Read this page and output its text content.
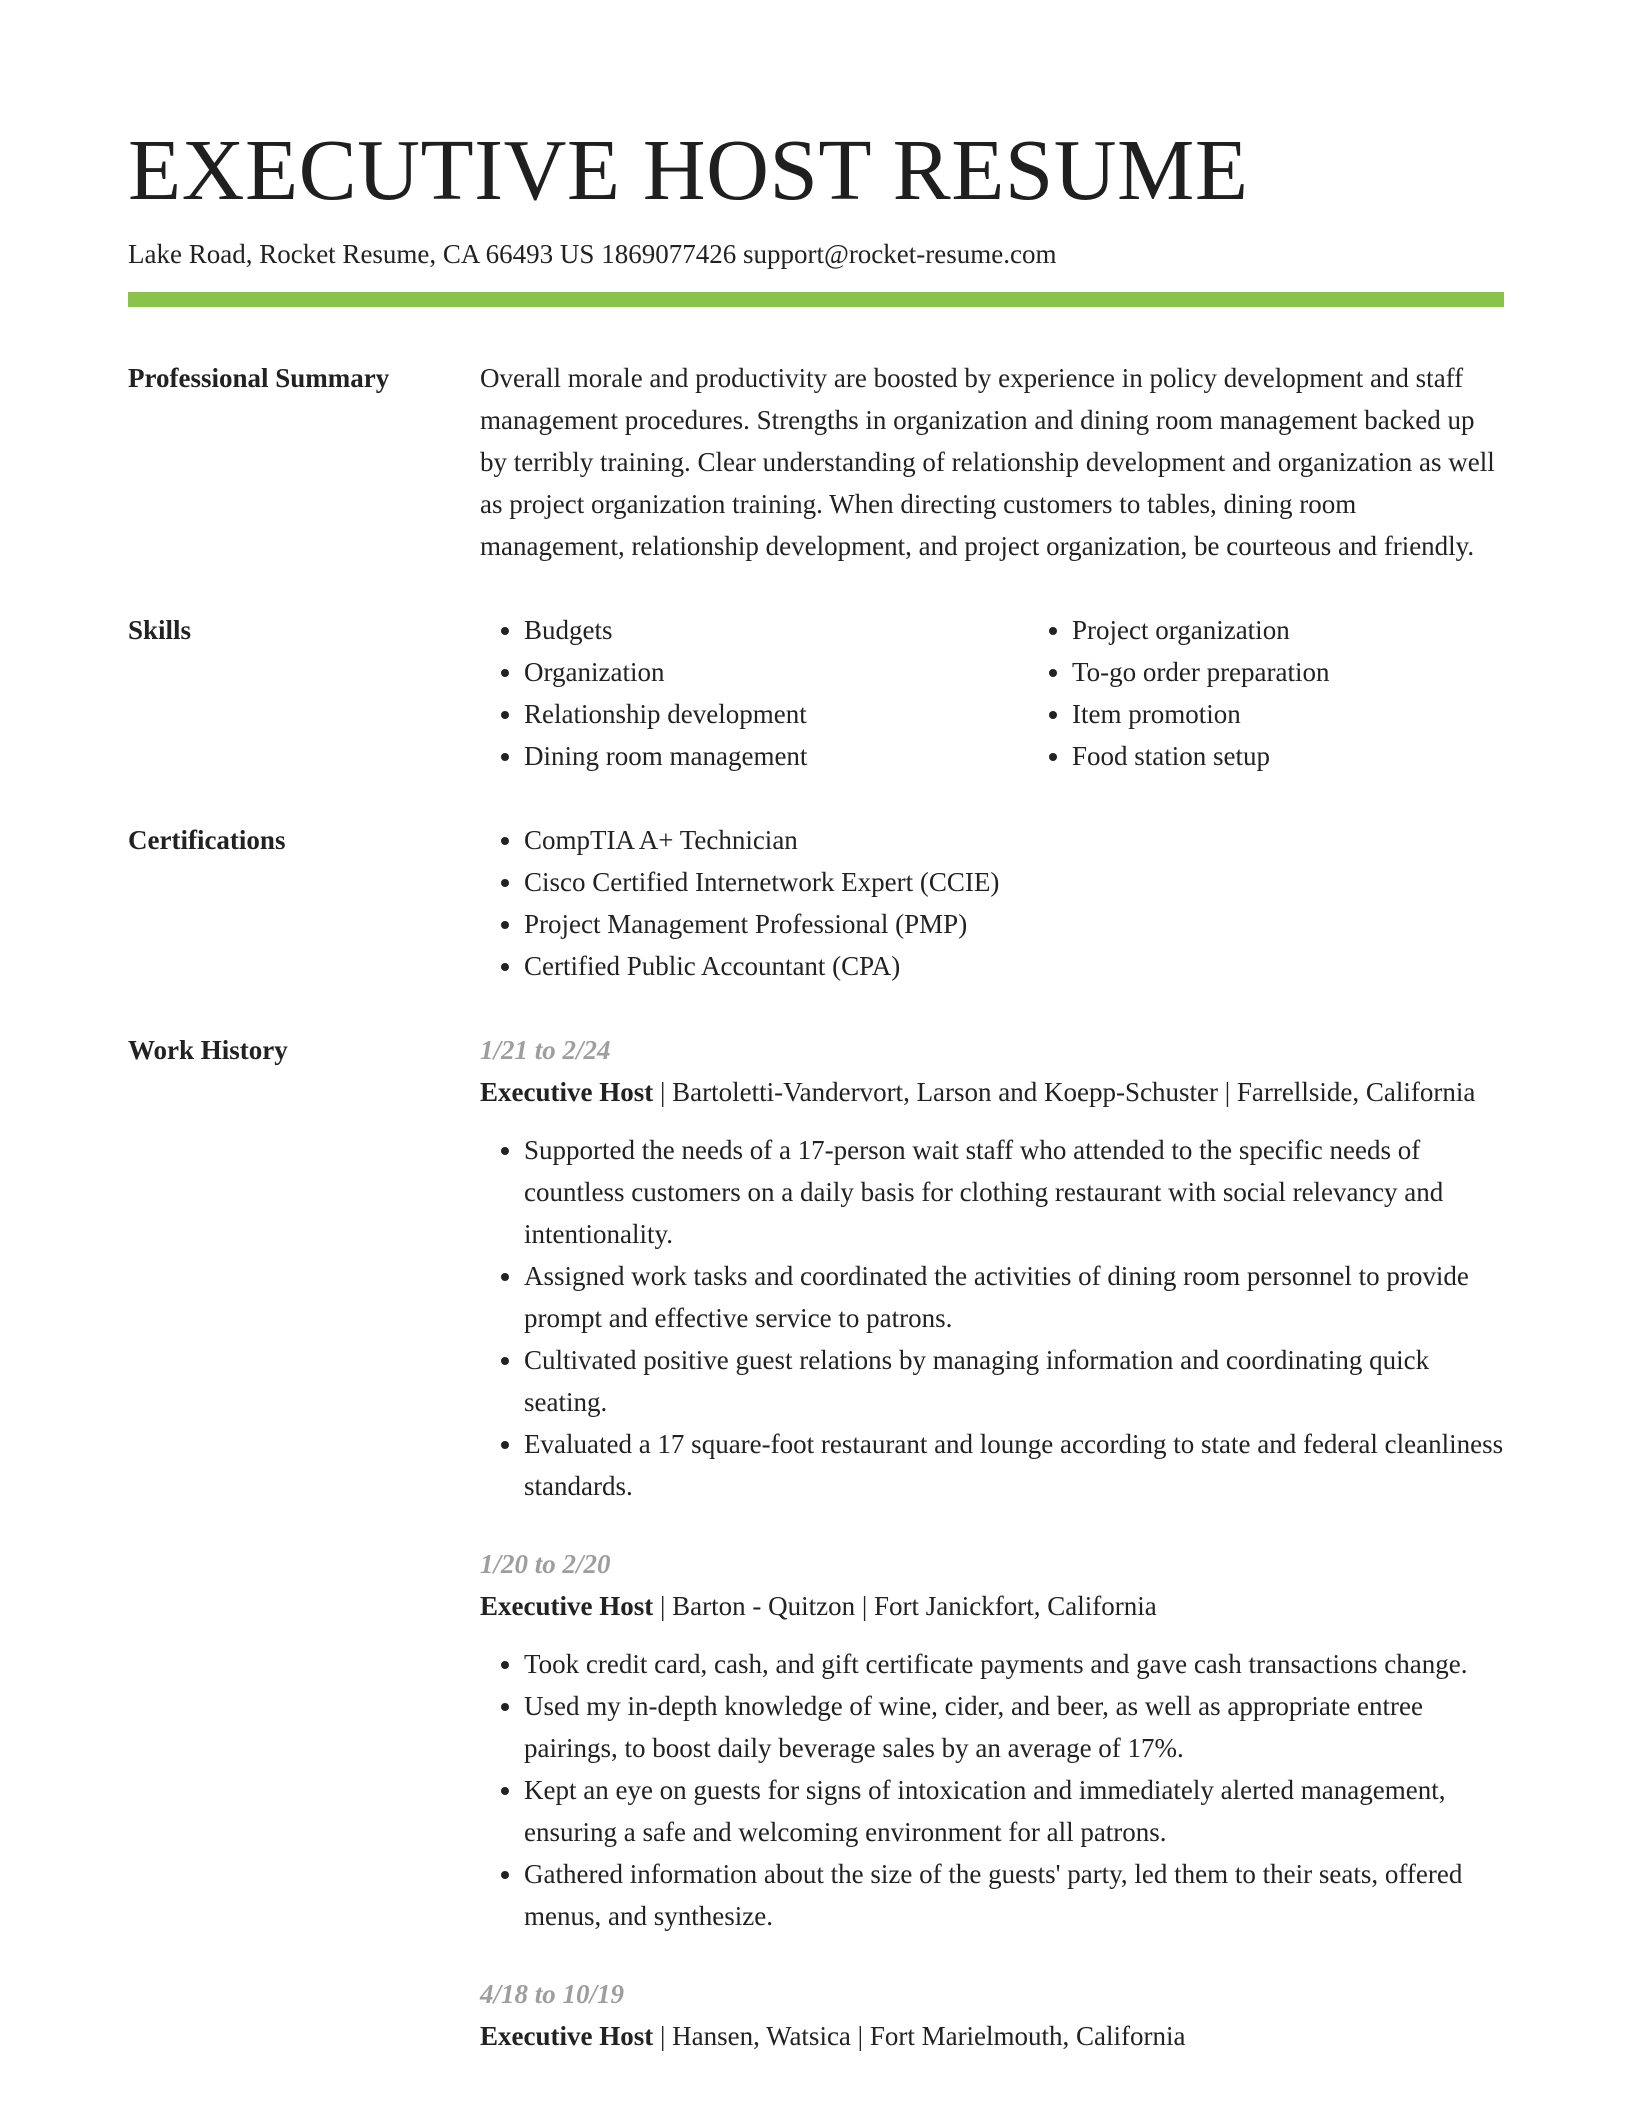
EXECUTIVE HOST RESUME
Lake Road, Rocket Resume, CA 66493 US 1869077426 support@rocket-resume.com
Professional Summary	Overall morale and productivity are boosted by experience in policy development and staff management procedures. Strengths in organization and dining room management backed up by terribly training. Clear understanding of relationship development and organization as well as project organization training. When directing customers to tables, dining room management, relationship development, and project organization, be courteous and friendly.

Skills	• Budgets
• Organization
• Relationship development
• Dining room management
• Project organization
• To-go order preparation
• Item promotion
• Food station setup
Certifications	• CompTIA A+ Technician
• Cisco Certified Internetwork Expert (CCIE)
• Project Management Professional (PMP)
• Certified Public Accountant (CPA)
Work History	1/21 to 2/24
Executive Host | Bartoletti-Vandervort, Larson and Koepp-Schuster | Farrellside, California
• Supported the needs of a 17-person wait staff who attended to the specific needs of countless customers on a daily basis for clothing restaurant with social relevancy and intentionality.
• Assigned work tasks and coordinated the activities of dining room personnel to provide prompt and effective service to patrons.
• Cultivated positive guest relations by managing information and coordinating quick seating.
• Evaluated a 17 square-foot restaurant and lounge according to state and federal cleanliness standards.
1/20 to 2/20
Executive Host | Barton - Quitzon | Fort Janickfort, California
• Took credit card, cash, and gift certificate payments and gave cash transactions change.
• Used my in-depth knowledge of wine, cider, and beer, as well as appropriate entree pairings, to boost daily beverage sales by an average of 17%.
• Kept an eye on guests for signs of intoxication and immediately alerted management, ensuring a safe and welcoming environment for all patrons.
• Gathered information about the size of the guests' party, led them to their seats, offered menus, and synthesize.
4/18 to 10/19
Executive Host | Hansen, Watsica | Fort Marielmouth, California
